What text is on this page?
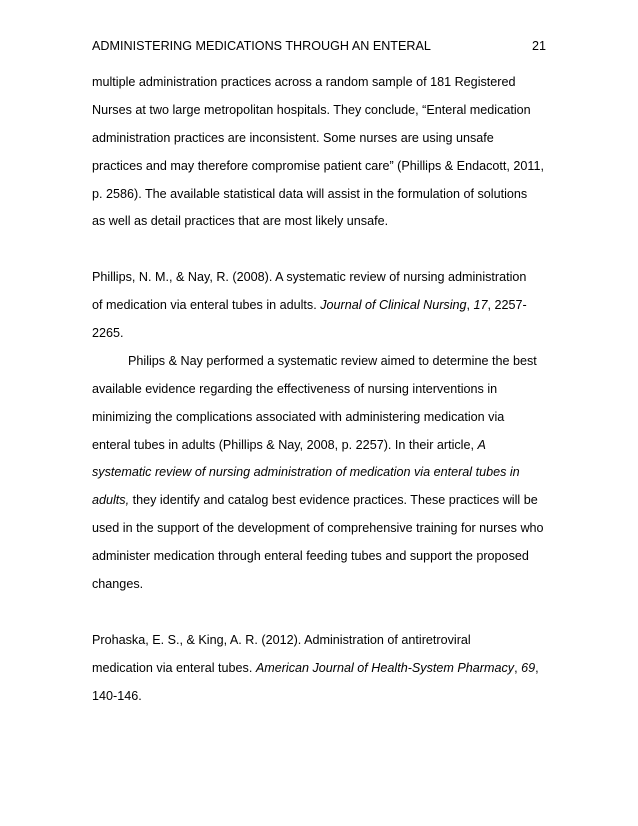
ADMINISTERING MEDICATIONS THROUGH AN ENTERAL	21
multiple administration practices across a random sample of 181 Registered
Nurses at two large metropolitan hospitals. They conclude, “Enteral medication
administration practices are inconsistent. Some nurses are using unsafe
practices and may therefore compromise patient care” (Phillips & Endacott, 2011,
p. 2586). The available statistical data will assist in the formulation of solutions
as well as detail practices that are most likely unsafe.
Phillips, N. M., & Nay, R. (2008). A systematic review of nursing administration
of medication via enteral tubes in adults. Journal of Clinical Nursing, 17, 2257-
2265.
Philips & Nay performed a systematic review aimed to determine the best
available evidence regarding the effectiveness of nursing interventions in
minimizing the complications associated with administering medication via
enteral tubes in adults (Phillips & Nay, 2008, p. 2257). In their article, A
systematic review of nursing administration of medication via enteral tubes in
adults, they identify and catalog best evidence practices. These practices will be
used in the support of the development of comprehensive training for nurses who
administer medication through enteral feeding tubes and support the proposed
changes.
Prohaska, E. S., & King, A. R. (2012). Administration of antiretroviral
medication via enteral tubes. American Journal of Health-System Pharmacy, 69,
140-146.
